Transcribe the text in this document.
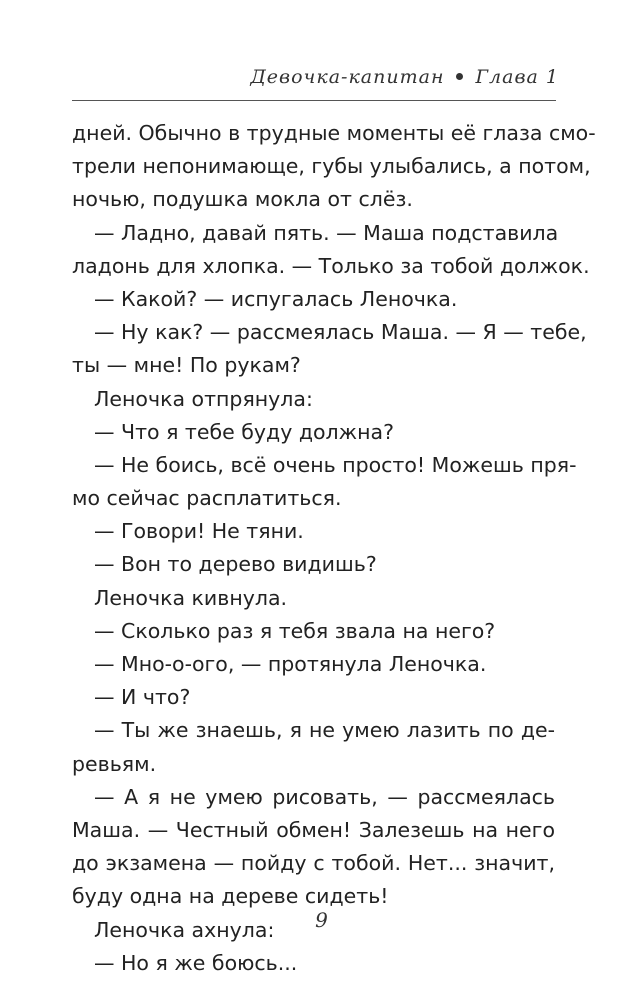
Девочка-капитан Глава 1
дней. Обычно в трудные моменты её глаза смо-
трели непонимающе, губы улыбались, а потом,
ночью, подушка мокла от слёз.
— Ладно, давай пять. — Маша подставила
ладонь для хлопка. — Только за тобой должок.
— Какой? — испугалась Леночка.
— Ну как? — рассмеялась Маша. — Я — тебе,
ты — мне! По рукам?
Леночка отпрянула:
— Что я тебе буду должна?
— Не боись, всё очень просто! Можешь пря-
мо сейчас расплатиться.
— Говори! Не тяни.
— Вон то дерево видишь?
Леночка кивнула.
— Сколько раз я тебя звала на него?
— Мно-о-ого, — протянула Леночка.
— И что?
— Ты же знаешь, я не умею лазить по де-
ревьям.
— А я не умею рисовать, — рассмеялась
Маша. — Честный обмен! Залезешь на него
до экзамена — пойду с тобой. Нет... значит,
буду одна на дереве сидеть!
Леночка ахнула:
— Но я же боюсь...
9
